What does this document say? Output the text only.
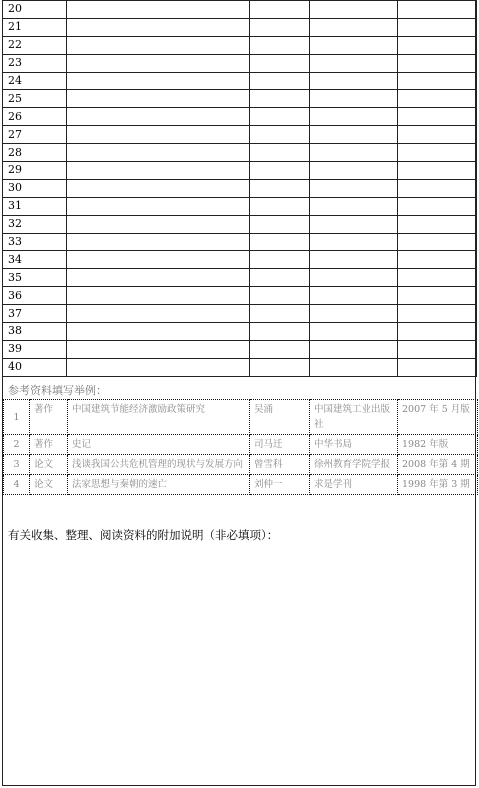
20				
21				
22				
23				
24				
25				
26				
27				
28				
29				
30				
31				
32				
33				
34				
35				
36				
37				
38				
39				
40				
参考资料填写举例：
1	著作	中国建筑节能经济激励政策研究	吴涌	中国建筑工业出版社	2007 年 5 月版
2	著作	史记	司马迁	中华书局	1982 年版
3	论文	浅谈我国公共危机管理的现状与发展方向	曾雪科	徐州教育学院学报	2008 年第 4 期
4	论文	法家思想与秦朝的速亡	刘仲一	求是学刊	1998 年第 3 期
有关收集、整理、阅读资料的附加说明（非必填项）：
